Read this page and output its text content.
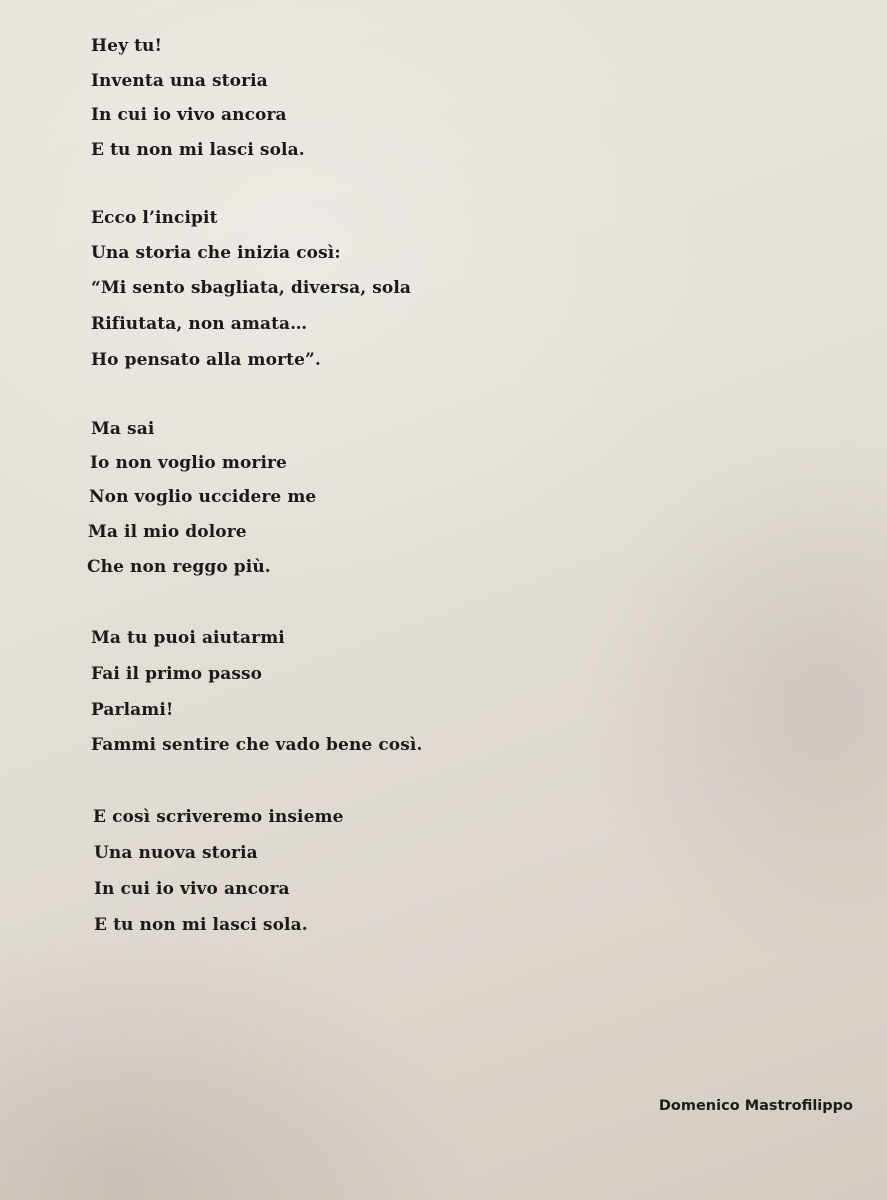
Hey tu!
Inventa una storia
In cui io vivo ancora
E tu non mi lasci sola.
Ecco l’incipit
Una storia che inizia così:
“Mi sento sbagliata, diversa, sola
Rifiutata, non amata…
Ho pensato alla morte”.
Ma sai
Io non voglio morire
Non voglio uccidere me
Ma il mio dolore
Che non reggo più.
Ma tu puoi aiutarmi
Fai il primo passo
Parlami!
Fammi sentire che vado bene così.
E così scriveremo insieme
Una nuova storia
In cui io vivo ancora
E tu non mi lasci sola.
Domenico Mastrofilippo
